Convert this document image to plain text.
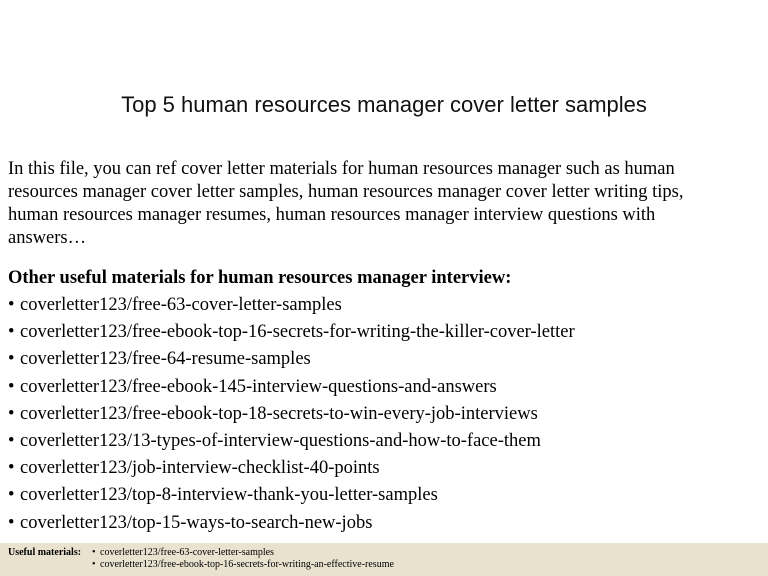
Top 5 human resources manager cover letter samples
In this file, you can ref cover letter materials for human resources manager such as human
resources manager cover letter samples, human resources manager cover letter writing tips,
human resources manager resumes, human resources manager interview questions with
answers…
Other useful materials for human resources manager interview:
• coverletter123/free-63-cover-letter-samples
• coverletter123/free-ebook-top-16-secrets-for-writing-the-killer-cover-letter
• coverletter123/free-64-resume-samples
• coverletter123/free-ebook-145-interview-questions-and-answers
• coverletter123/free-ebook-top-18-secrets-to-win-every-job-interviews
• coverletter123/13-types-of-interview-questions-and-how-to-face-them
• coverletter123/job-interview-checklist-40-points
• coverletter123/top-8-interview-thank-you-letter-samples
• coverletter123/top-15-ways-to-search-new-jobs
Useful materials: • coverletter123/free-63-cover-letter-samples
• coverletter123/free-ebook-top-16-secrets-for-writing-an-effective-resume
